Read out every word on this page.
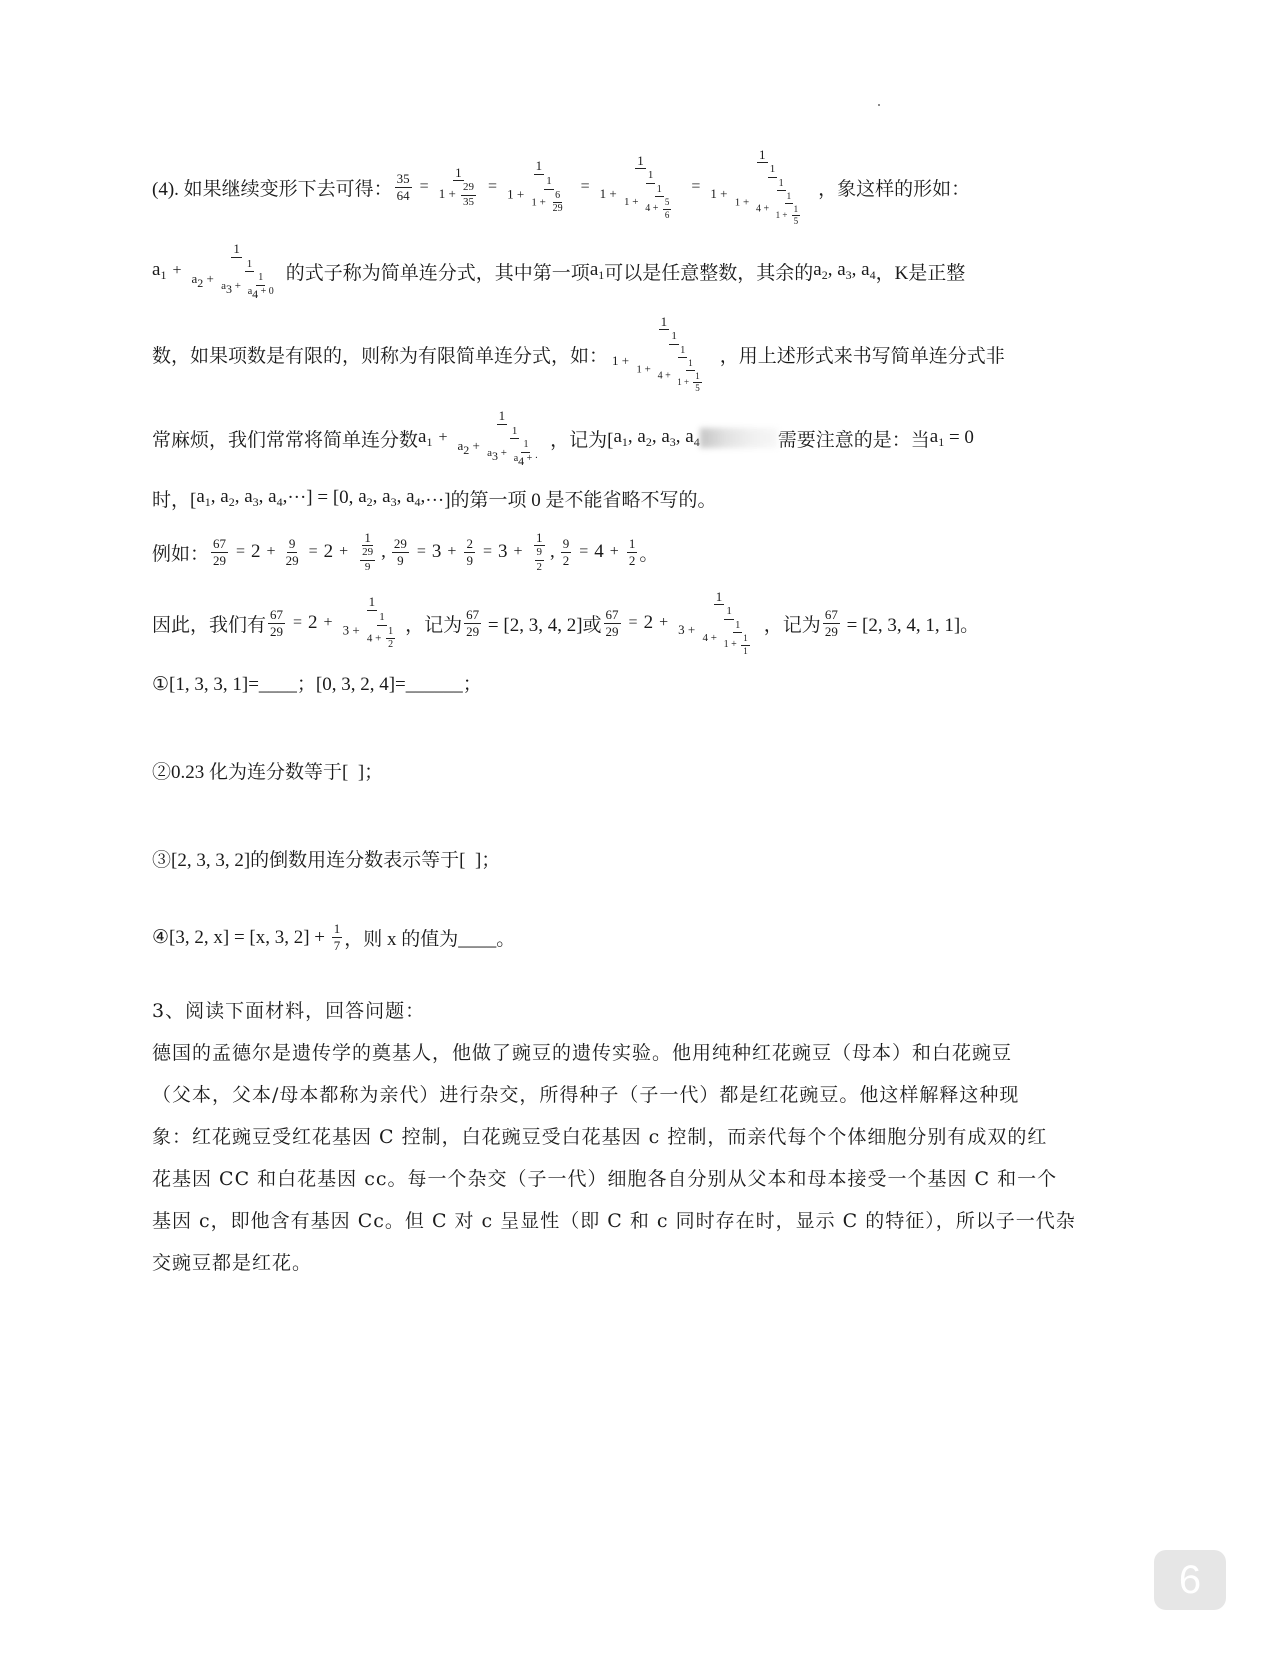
(4). 如果继续变形下去可得： $\frac{35}{64} = \frac{1}{1 + \frac{29}{35}} = \frac{1}{1 + \frac{1}{1 + \frac{6}{29}}} = \frac{1}{1 + \frac{1}{1 + \frac{1}{4 + \frac{5}{6}}}} = \frac{1}{1 + \frac{1}{1 + \frac{1}{4 + \frac{1}{1 + \frac{1}{5}}}}}$ ，象这样的形如：
$a_1 + \frac{1}{a2 + \frac{1}{a3 + \frac{1}{a4 + 0}}}$ 的式子称为简单连分式，其中第一项 $a_1$ 可以是任意整数，其余的 $a_2$, $a_3$, $a_4$ ，K是正整
数，如果项数是有限的，则称为有限简单连分式，如： $\frac{1}{1 + \frac{1}{1 + \frac{1}{4 + \frac{1}{1 + \frac{1}{5}}}}}$ ，用上述形式来书写简单连分式非
常麻烦，我们常常将简单连分数 $a_1 + \frac{1}{a2 + \frac{1}{a3 + \frac{1}{a4 + \cdot}}}$ ，记为[ $a_1$, $a_2$, $a_3$, $a_4$	需要注意的是：当 $a_1 = 0$
时，[ $a_1$, $a_2$, $a_3$, $a_4$, ···] = [0, $a_2$, $a_3$, $a_4$, ···]的第一项 0 是不能省略不写的。
例如： $\frac{67}{29} = 2 + \frac{9}{29} = 2 + \frac{1}{\frac{29}{9}}$ , $\frac{29}{9} = 3 + \frac{2}{9} = 3 + \frac{1}{\frac{9}{2}}$ , $\frac{9}{2} = 4 + \frac{1}{2}$ 。
因此，我们有 $\frac{67}{29} = 2 + \frac{1}{3 + \frac{1}{4 + \frac{1}{2}}}$ ，记为 $\frac{67}{29} = [2$, 3, 4, 2]或 $\frac{67}{29} = 2 + \frac{1}{3 + \frac{1}{4 + \frac{1}{1 + \frac{1}{1}}}}$ ，记为 $\frac{67}{29} = [2$, 3, 4, 1, 1]。
①[1, 3, 3, 1]=____；[0, 3, 2, 4]=______；
②0.23 化为连分数等于[  ]；
③[2, 3, 3, 2]的倒数用连分数表示等于[  ]；
④[3, 2, x] = [x, 3, $2] + \frac{1}{7}$ ，则 x 的值为____。

3、阅读下面材料，回答问题：

德国的孟德尔是遗传学的奠基人，他做了豌豆的遗传实验。他用纯种红花豌豆（母本）和白花豌豆

（父本，父本/母本都称为亲代）进行杂交，所得种子（子一代）都是红花豌豆。他这样解释这种现

象：红花豌豆受红花基因 C 控制，白花豌豆受白花基因 c 控制，而亲代每个个体细胞分别有成双的红

花基因 CC 和白花基因 cc。每一个杂交（子一代）细胞各自分别从父本和母本接受一个基因 C 和一个

基因 c，即他含有基因 Cc。但 C 对 c 呈显性（即 C 和 c 同时存在时，显示 C 的特征），所以子一代杂

交豌豆都是红花。

6
